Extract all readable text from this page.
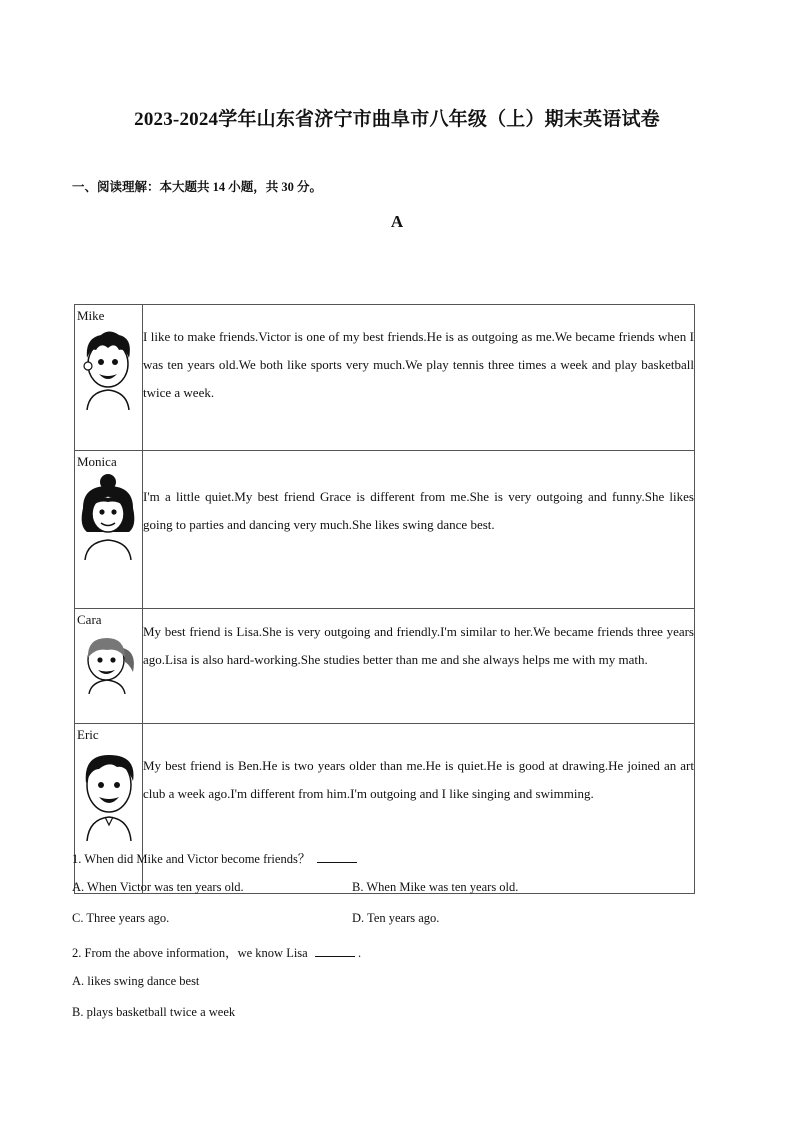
2023-2024学年山东省济宁市曲阜市八年级（上）期末英语试卷
一、阅读理解：本大题共 14 小题，共 30 分。
A
Mike	I like to make friends.Victor is one of my best friends.He is as outgoing as me.We became friends when I was ten years old.We both like sports very much.We play tennis three times a week and play basketball twice a week.

Monica	I'm a little quiet.My best friend Grace is different from me.She is very outgoing and funny.She likes going to parties and dancing very much.She likes swing dance best.

Cara	My best friend is Lisa.She is very outgoing and friendly.I'm similar to her.We became friends three years ago.Lisa is also hard-working.She studies better than me and she always helps me with my math.

Eric	My best friend is Ben.He is two years older than me.He is quiet.He is good at drawing.He joined an art club a week ago.I'm different from him.I'm outgoing and I like singing and swimming.
1. When did Mike and Victor become friends？
A. When Victor was ten years old.	B. When Mike was ten years old.
C. Three years ago.	D. Ten years ago.
2. From the above information，we know Lisa	.
A. likes swing dance best
B. plays basketball twice a week
